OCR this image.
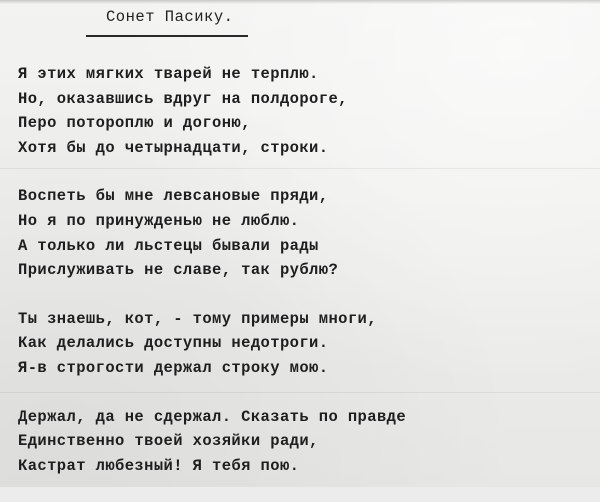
Сонет Пасику.
Я этих мягких тварей не терплю.
Но, оказавшись вдруг на полдороге,
Перо потороплю и догоню,
Хотя бы до четырнадцати, строки.
Воспеть бы мне левсановые пряди,
Но я по принужденью не люблю.
А только ли льстецы бывали рады
Прислуживать не славе, так рублю?
Ты знаешь, кот, - тому примеры многи,
Как делались доступны недотроги.
Я-в строгости держал строку мою.
Держал, да не сдержал. Сказать по правде
Единственно твоей хозяйки ради,
Кастрат любезный! Я тебя пою.
